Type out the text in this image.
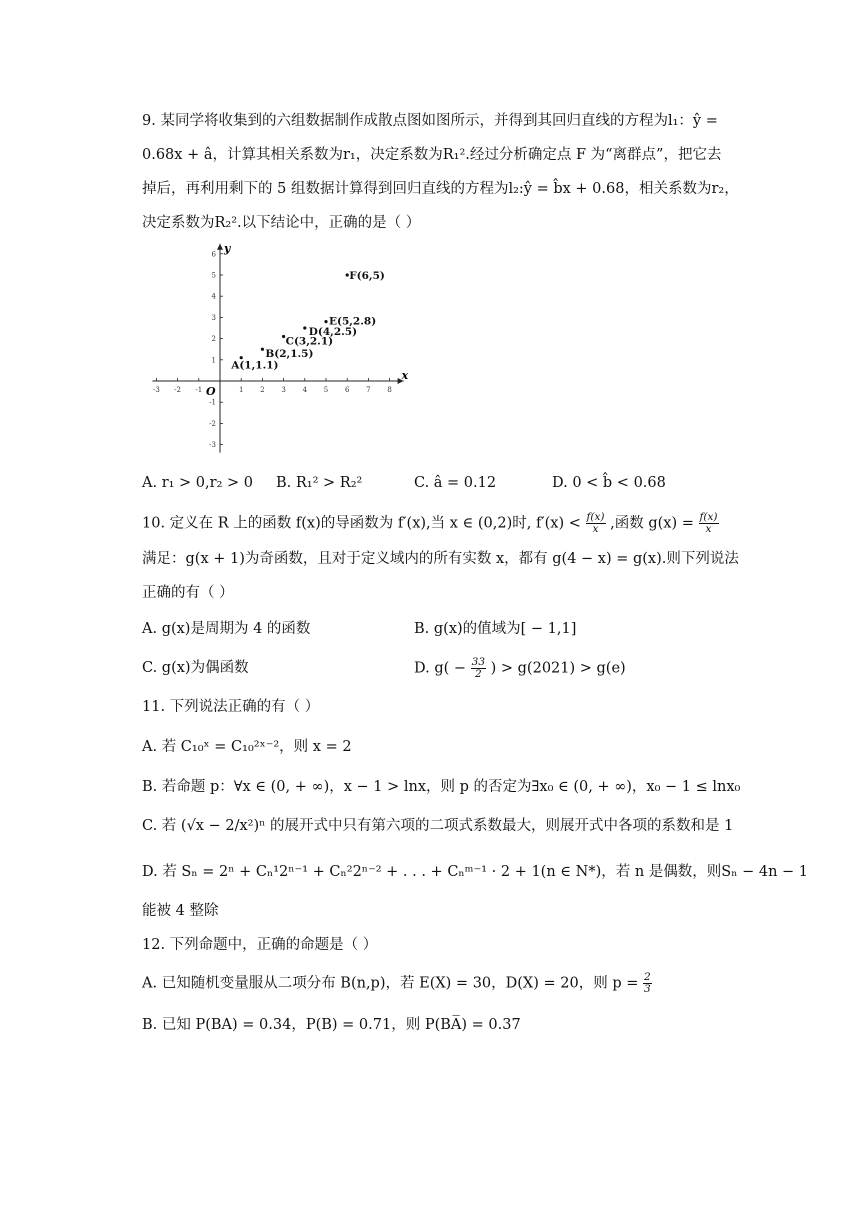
9. 某同学将收集到的六组数据制作成散点图如图所示，并得到其回归直线的方程为l₁：ŷ =
0.68x + â，计算其相关系数为r₁，决定系数为R₁².经过分析确定点 F 为“离群点”，把它去
掉后，再利用剩下的 5 组数据计算得到回归直线的方程为l₂:ŷ = b̂x + 0.68，相关系数为r₂，
决定系数为R₂².以下结论中，正确的是（ ）
-3 -2 -1	1 2 3 4 5 6 7 8
6
5
4
3
2
1
-1
-2
-3
x
y
O
A(1,1.1)
B(2,1.5)
C(3,2.1)
D(4,2.5)
E(5,2.8)
F(6,5)
A. r₁ > 0,r₂ > 0 B. R₁² > R₂²	C. â = 0.12	D. 0 < b̂ < 0.68
10. 定义在 R 上的函数 f(x)的导函数为 f′(x),当 x ∈ (0,2)时, $f'(x) < \frac{f(x)}{x}$ ,函数 $g(x) = \frac{f(x)}{x}$
满足：g(x + 1)为奇函数，且对于定义域内的所有实数 x，都有 g(4 − x) = g(x).则下列说法
正确的有（ ）
A. g(x)是周期为 4 的函数	B. g(x)的值域为[ − 1,1]
C. g(x)为偶函数	D. $g( - \frac{33}{2}$ ) > g(2021) > g(e)
11. 下列说法正确的有（ ）
A. 若 C₁₀ˣ = C₁₀²ˣ⁻²，则 x = 2
B. 若命题 p：∀x ∈ (0, + ∞)，x − 1 > lnx，则 p 的否定为∃x₀ ∈ (0, + ∞)，x₀ − 1 ≤ lnx₀
C. 若 (√x − 2/x²)ⁿ 的展开式中只有第六项的二项式系数最大，则展开式中各项的系数和是 1
D. 若 Sₙ = 2ⁿ + Cₙ¹2ⁿ⁻¹ + Cₙ²2ⁿ⁻² + . . . + Cₙᵐ⁻¹ · 2 + 1(n ∈ N*)，若 n 是偶数，则Sₙ − 4n − 1
能被 4 整除
12. 下列命题中，正确的命题是（ ）
A. 已知随机变量服从二项分布 B(n,p)，若 E(X) = 30，D(X) = 20，则 $p = \frac{2}{3}$
B. 已知 P(BA) = 0.34，P(B) = 0.71，则 P(BA̅) = 0.37
